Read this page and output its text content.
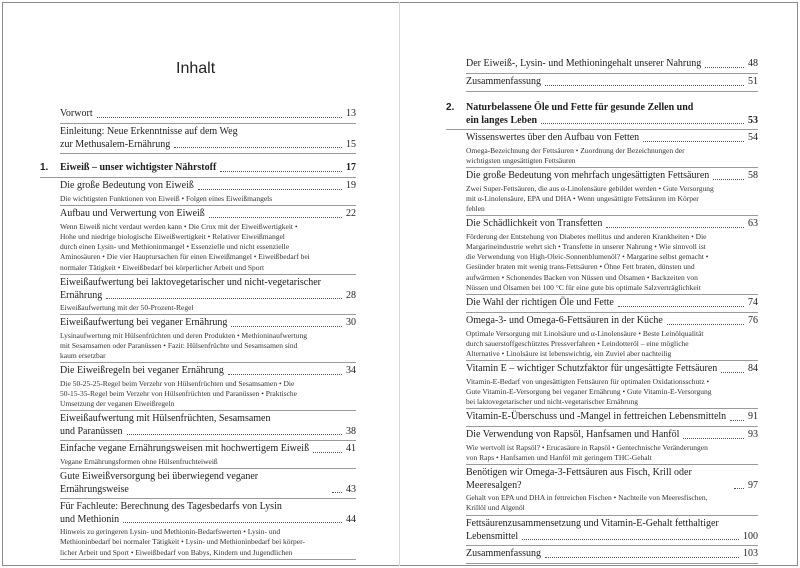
Inhalt
Vorwort	13
Einleitung: Neue Erkenntnisse auf dem Weg
zur Methusalem-Ernährung	15
1.	Eiweiß – unser wichtigster Nährstoff	17
Die große Bedeutung von Eiweiß	19
Die wichtigsten Funktionen von Eiweiß • Folgen eines Eiweißmangels
Aufbau und Verwertung von Eiweiß	22
Wenn Eiweiß nicht verdaut werden kann • Die Crux mit der Eiweißwertigkeit •
Hohe und niedrige biologische Eiweißwertigkeit • Relativer Eiweißmangel
durch einen Lysin- und Methioninmangel • Essenzielle und nicht essenzielle
Aminosäuren • Die vier Hauptursachen für einen Eiweißmangel • Eiweißbedarf bei
normaler Tätigkeit • Eiweißbedarf bei körperlicher Arbeit und Sport
Eiweißaufwertung bei laktovegetarischer und nicht-vegetarischer
Ernährung	28
Eiweißaufwertung mit der 50-Prozent-Regel
Eiweißaufwertung bei veganer Ernährung	30
Lysinaufwertung mit Hülsenfrüchten und deren Produkten • Methioninaufwertung
mit Sesamsamen oder Paranüssen • Fazit: Hülsenfrüchte und Sesamsamen sind
kaum ersetzbar
Die Eiweißregeln bei veganer Ernährung	34
Die 50-25-25-Regel beim Verzehr von Hülsenfrüchten und Sesamsamen • Die
50-15-35-Regel beim Verzehr von Hülsenfrüchten und Paranüssen • Praktische
Umsetzung der veganen Eiweißregeln
Eiweißaufwertung mit Hülsenfrüchten, Sesamsamen
und Paranüssen	38
Einfache vegane Ernährungsweisen mit hochwertigem Eiweiß	41
Vegane Ernährungsformen ohne Hülsenfruchteiweiß
Gute Eiweißversorgung bei überwiegend veganer Ernährungsweise	43
Für Fachleute: Berechnung des Tagesbedarfs von Lysin
und Methionin	44
Hinweis zu geringeren Lysin- und Methionin-Bedarfswerten • Lysin- und
Methioninbedarf bei normaler Tätigkeit • Lysin- und Methioninbedarf bei körper-
licher Arbeit und Sport • Eiweißbedarf von Babys, Kindern und Jugendlichen
Der Eiweiß-, Lysin- und Methioningehalt unserer Nahrung	48
Zusammenfassung	51
2.	Naturbelassene Öle und Fette für gesunde Zellen und
ein langes Leben	53
Wissenswertes über den Aufbau von Fetten	54
Omega-Bezeichnung der Fettsäuren • Zuordnung der Bezeichnungen der
wichtigsten ungesättigten Fettsäuren
Die große Bedeutung von mehrfach ungesättigten Fettsäuren	58
Zwei Super-Fettsäuren, die aus α-Linolensäure gebildet werden • Gute Versorgung
mit α-Linolensäure, EPA und DHA • Wenn ungesättigte Fettsäuren im Körper
fehlen
Die Schädlichkeit von Transfetten	63
Förderung der Entstehung von Diabetes mellitus und anderen Krankheiten • Die
Margarineindustrie wehrt sich • Transfette in unserer Nahrung • Wie sinnvoll ist
die Verwendung von High-Oleic-Sonnenblumenöl? • Margarine selbst gemacht •
Gesünder braten mit wenig trans-Fettsäuren • Öhne Fett braten, dünsten und
aufwärmen • Schonendes Backen von Nüssen und Ölsamen • Backzeiten von
Nüssen und Ölsamen bei 100 °C für eine gute bis optimale Salzverträglichkeit
Die Wahl der richtigen Öle und Fette	74
Omega-3- und Omega-6-Fettsäuren in der Küche	76
Optimale Versorgung mit Linolsäure und α-Linolensäure • Beste Leinölqualität
durch sauerstoffgeschütztes Pressverfahren • Leindotteröl – eine mögliche
Alternative • Linolsäure ist lebenswichtig, ein Zuviel aber nachteilig
Vitamin E – wichtiger Schutzfaktor für ungesättigte Fettsäuren	84
Vitamin-E-Bedarf von ungesättigten Fettsäuren für optimalen Oxidationsschutz •
Gute Vitamin-E-Versorgung bei veganer Ernährung • Gute Vitamin-E-Versorgung
bei laktovegetarischer und nicht-vegetarischer Ernährung
Vitamin-E-Überschuss und -Mangel in fettreichen Lebensmitteln 91
Die Verwendung von Rapsöl, Hanfsamen und Hanföl	93
Wie wertvoll ist Rapsöl? • Erucasäure in Rapsöl • Gentechnische Veränderungen
von Raps • Hanfsamen und Hanföl mit geringem THC-Gehalt
Benötigen wir Omega-3-Fettsäuren aus Fisch, Krill oder Meeresalgen?	97
Gehalt von EPA und DHA in fettreichen Fischen • Nachteile von Meeresfischen,
Krillöl und Algenöl
Fettsäurenzusammensetzung und Vitamin-E-Gehalt fetthaltiger
Lebensmittel	100
Zusammenfassung	103
